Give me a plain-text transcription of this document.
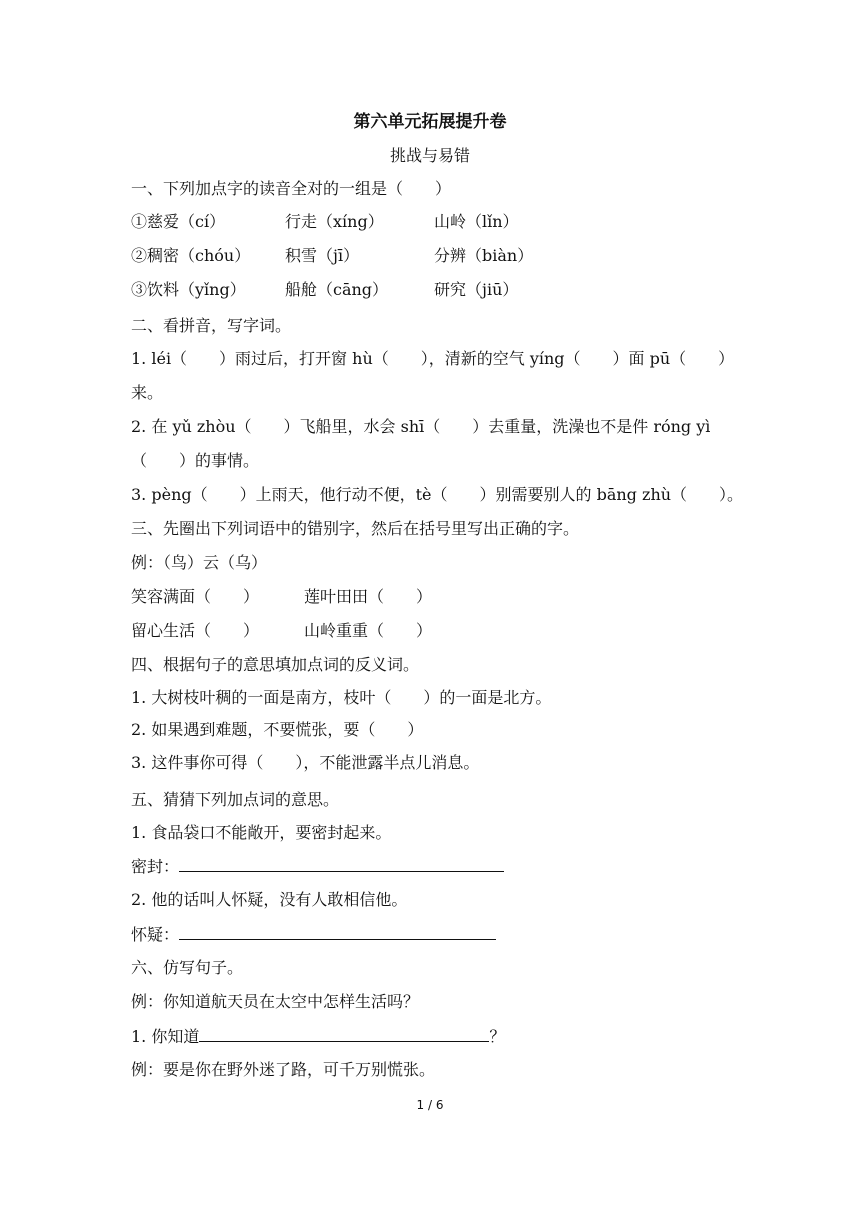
第六单元拓展提升卷
挑战与易错
一、下列加点字的读音全对的一组是（　　）
①慈爱（cí）	行走（xíng）	山岭（lǐn）
②稠密（chóu）	积雪（jī）	分辨（biàn）
③饮料（yǐng）	船舱（cāng）	研究（jiū）
二、看拼音，写字词。
1. léi（　　）雨过后，打开窗 hù（　　），清新的空气 yíng（　　）面 pū（　　）
来。
2. 在 yǔ zhòu（　　）飞船里，水会 shī（　　）去重量，洗澡也不是件 róng yì
（　　）的事情。
3. pèng（　　）上雨天，他行动不便，tè（　　）别需要别人的 bāng zhù（　　）。
三、先圈出下列词语中的错别字，然后在括号里写出正确的字。
例：（鸟）云（乌）
笑容满面（　　）	莲叶田田（　　）
留心生活（　　）	山岭重重（　　）
四、根据句子的意思填加点词的反义词。
1. 大树枝叶稠的一面是南方，枝叶（　　）的一面是北方。
2. 如果遇到难题，不要慌张，要（　　）
3. 这件事你可得（　　），不能泄露半点儿消息。
五、猜猜下列加点词的意思。
1. 食品袋口不能敞开，要密封起来。
密封：
2. 他的话叫人怀疑，没有人敢相信他。
怀疑：
六、仿写句子。
例：你知道航天员在太空中怎样生活吗？
1. 你知道	？
例：要是你在野外迷了路，可千万别慌张。
1 / 6
